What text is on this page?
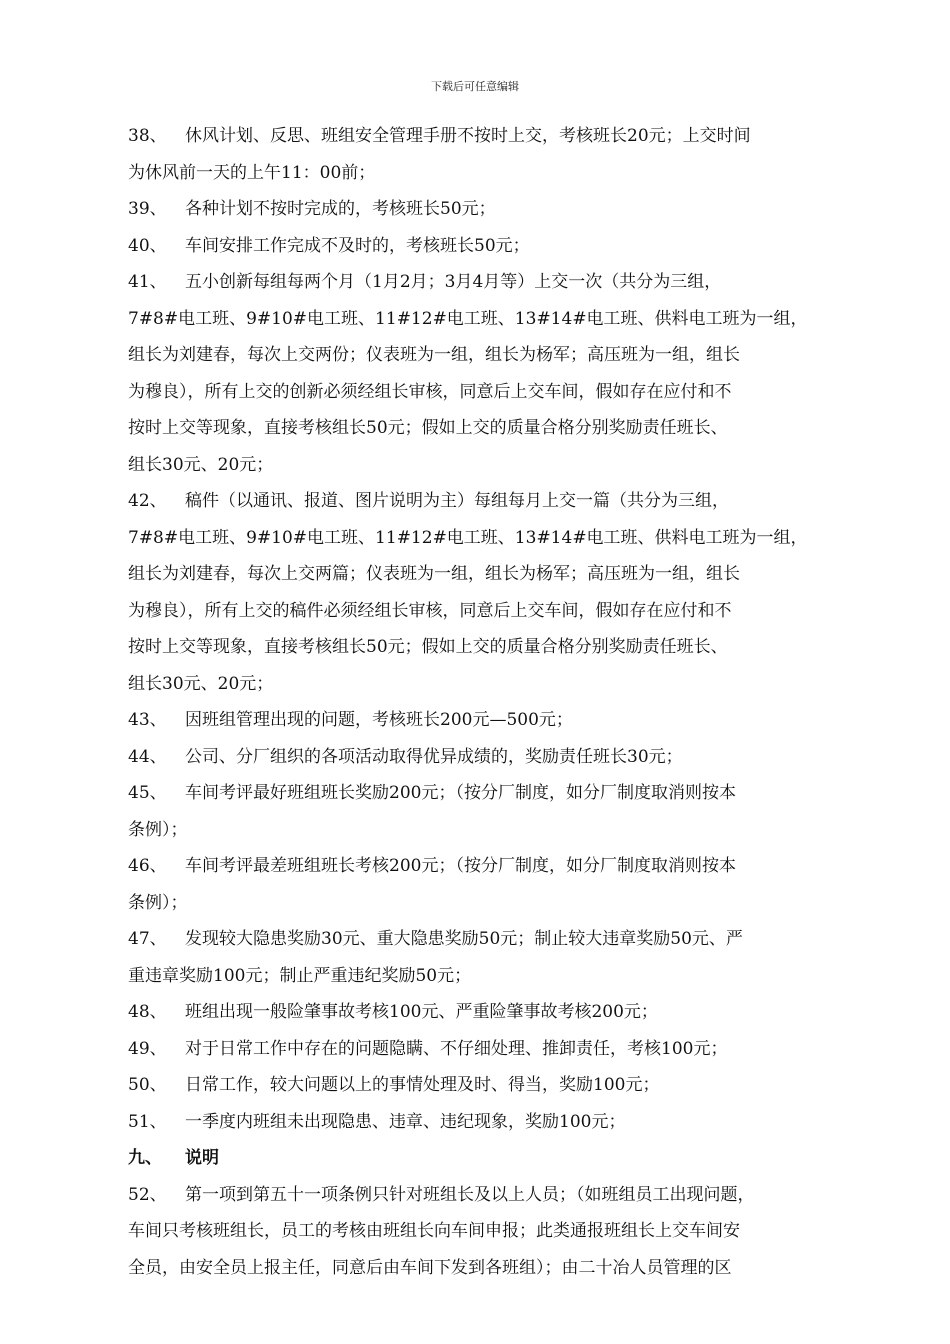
下载后可任意编辑
38、 休风计划、反思、班组安全管理手册不按时上交，考核班长20元；上交时间
为休风前一天的上午11：00前；
39、 各种计划不按时完成的，考核班长50元；
40、 车间安排工作完成不及时的，考核班长50元；
41、 五小创新每组每两个月（1月2月；3月4月等）上交一次（共分为三组，
7#8#电工班、9#10#电工班、11#12#电工班、13#14#电工班、供料电工班为一组，
组长为刘建春，每次上交两份；仪表班为一组，组长为杨军；高压班为一组，组长
为穆良），所有上交的创新必须经组长审核，同意后上交车间，假如存在应付和不
按时上交等现象，直接考核组长50元；假如上交的质量合格分别奖励责任班长、
组长30元、20元；
42、 稿件（以通讯、报道、图片说明为主）每组每月上交一篇（共分为三组，
7#8#电工班、9#10#电工班、11#12#电工班、13#14#电工班、供料电工班为一组，
组长为刘建春，每次上交两篇；仪表班为一组，组长为杨军；高压班为一组，组长
为穆良），所有上交的稿件必须经组长审核，同意后上交车间，假如存在应付和不
按时上交等现象，直接考核组长50元；假如上交的质量合格分别奖励责任班长、
组长30元、20元；
43、 因班组管理出现的问题，考核班长200元—500元；
44、 公司、分厂组织的各项活动取得优异成绩的，奖励责任班长30元；
45、 车间考评最好班组班长奖励200元；（按分厂制度，如分厂制度取消则按本
条例）；
46、 车间考评最差班组班长考核200元；（按分厂制度，如分厂制度取消则按本
条例）；
47、 发现较大隐患奖励30元、重大隐患奖励50元；制止较大违章奖励50元、严
重违章奖励100元；制止严重违纪奖励50元；
48、 班组出现一般险肇事故考核100元、严重险肇事故考核200元；
49、 对于日常工作中存在的问题隐瞒、不仔细处理、推卸责任，考核100元；
50、 日常工作，较大问题以上的事情处理及时、得当，奖励100元；
51、 一季度内班组未出现隐患、违章、违纪现象，奖励100元；
九、 说明
52、 第一项到第五十一项条例只针对班组长及以上人员；（如班组员工出现问题，
车间只考核班组长，员工的考核由班组长向车间申报；此类通报班组长上交车间安
全员，由安全员上报主任，同意后由车间下发到各班组）；由二十冶人员管理的区
